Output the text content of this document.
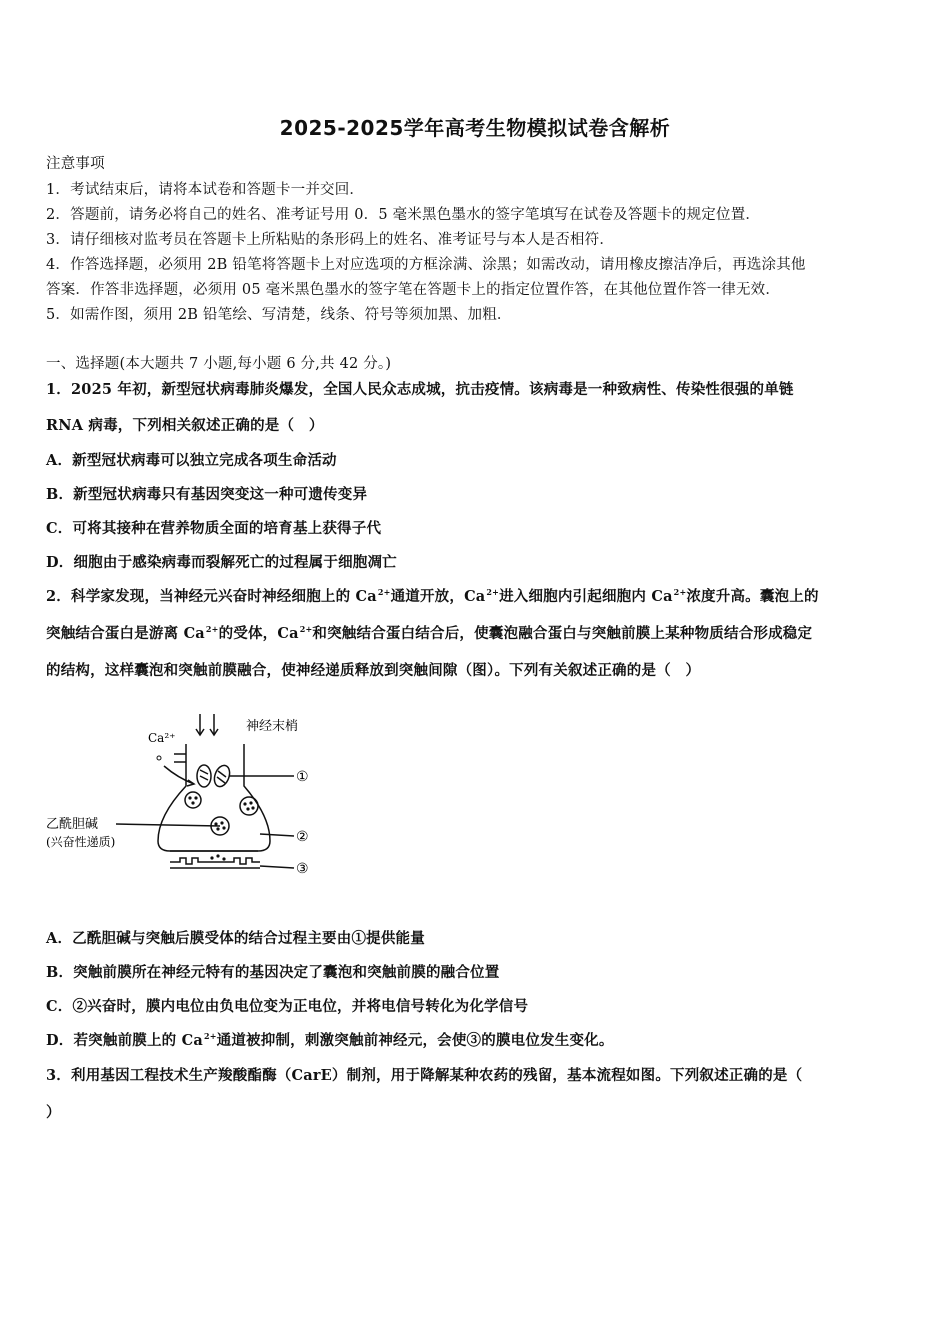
2025-2025学年高考生物模拟试卷含解析
注意事项
1．考试结束后，请将本试卷和答题卡一并交回．
2．答题前，请务必将自己的姓名、准考证号用 0．5 毫米黑色墨水的签字笔填写在试卷及答题卡的规定位置．
3．请仔细核对监考员在答题卡上所粘贴的条形码上的姓名、准考证号与本人是否相符．
4．作答选择题，必须用 2B 铅笔将答题卡上对应选项的方框涂满、涂黑；如需改动，请用橡皮擦洁净后，再选涂其他
答案．作答非选择题，必须用 05 毫米黑色墨水的签字笔在答题卡上的指定位置作答，在其他位置作答一律无效．
5．如需作图，须用 2B 铅笔绘、写清楚，线条、符号等须加黑、加粗．
一、选择题(本大题共 7 小题,每小题 6 分,共 42 分。)
1．2025 年初，新型冠状病毒肺炎爆发，全国人民众志成城，抗击疫情。该病毒是一种致病性、传染性很强的单链
RNA 病毒，下列相关叙述正确的是（　）
A．新型冠状病毒可以独立完成各项生命活动
B．新型冠状病毒只有基因突变这一种可遗传变异
C．可将其接种在营养物质全面的培育基上获得子代
D．细胞由于感染病毒而裂解死亡的过程属于细胞凋亡
2．科学家发现，当神经元兴奋时神经细胞上的 $Ca^{2+}$通道开放，$Ca^{2+}$进入细胞内引起细胞内 $Ca^{2+}$浓度升高。囊泡上的
突触结合蛋白是游离 $Ca^{2+}$的受体，$Ca^{2+}$和突触结合蛋白结合后，使囊泡融合蛋白与突触前膜上某种物质结合形成稳定
的结构，这样囊泡和突触前膜融合，使神经递质释放到突触间隙（图）。下列有关叙述正确的是（　）
Ca²⁺
神经末梢
乙酰胆碱
(兴奋性递质)
①
②
③
A．乙酰胆碱与突触后膜受体的结合过程主要由①提供能量
B．突触前膜所在神经元特有的基因决定了囊泡和突触前膜的融合位置
C．②兴奋时，膜内电位由负电位变为正电位，并将电信号转化为化学信号
D．若突触前膜上的 $Ca^{2+}$通道被抑制，刺激突触前神经元，会使③的膜电位发生变化。
3．利用基因工程技术生产羧酸酯酶（CarE）制剂，用于降解某种农药的残留，基本流程如图。下列叙述正确的是（
）
